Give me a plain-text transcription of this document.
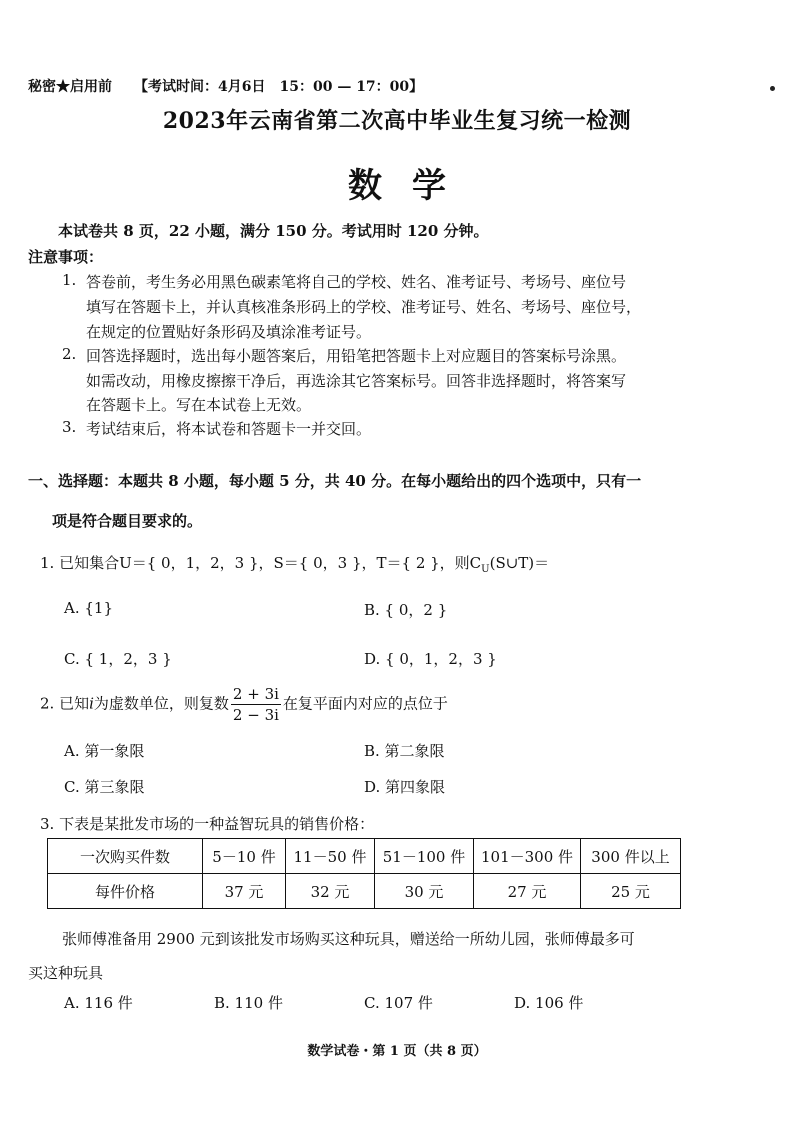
秘密★启用前 【考试时间：4月6日　15：00 — 17：00】
2023年云南省第二次高中毕业生复习统一检测
数学
本试卷共 8 页，22 小题，满分 150 分。考试用时 120 分钟。
注意事项：
1. 答卷前，考生务必用黑色碳素笔将自己的学校、姓名、准考证号、考场号、座位号
填写在答题卡上，并认真核准条形码上的学校、准考证号、姓名、考场号、座位号，
在规定的位置贴好条形码及填涂准考证号。
2. 回答选择题时，选出每小题答案后，用铅笔把答题卡上对应题目的答案标号涂黑。
如需改动，用橡皮擦擦干净后，再选涂其它答案标号。回答非选择题时，将答案写
在答题卡上。写在本试卷上无效。
3. 考试结束后，将本试卷和答题卡一并交回。
一、选择题：本题共 8 小题，每小题 5 分，共 40 分。在每小题给出的四个选项中，只有一
项是符合题目要求的。
1. 已知集合U＝{ 0，1，2，3 }，S＝{ 0，3 }，T＝{ 2 }，则$C_U(S\cup T)=$
A. {1}	B. { 0，2 }
C. { 1，2，3 }	D. { 0，1，2，3 }
2. 已知i为虚数单位，则复数 $\frac{2 + 3i}{2 - 3i}$ 在复平面内对应的点位于
A. 第一象限	B. 第二象限
C. 第三象限	D. 第四象限
3. 下表是某批发市场的一种益智玩具的销售价格：
一次购买件数	5－10 件	11－50 件	51－100 件	101－300 件	300 件以上
每件价格	37 元	32 元	30 元	27 元	25 元
张师傅准备用 2900 元到该批发市场购买这种玩具，赠送给一所幼儿园，张师傅最多可
买这种玩具
A. 116 件	B. 110 件	C. 107 件	D. 106 件
数学试卷・第 1 页（共 8 页）
